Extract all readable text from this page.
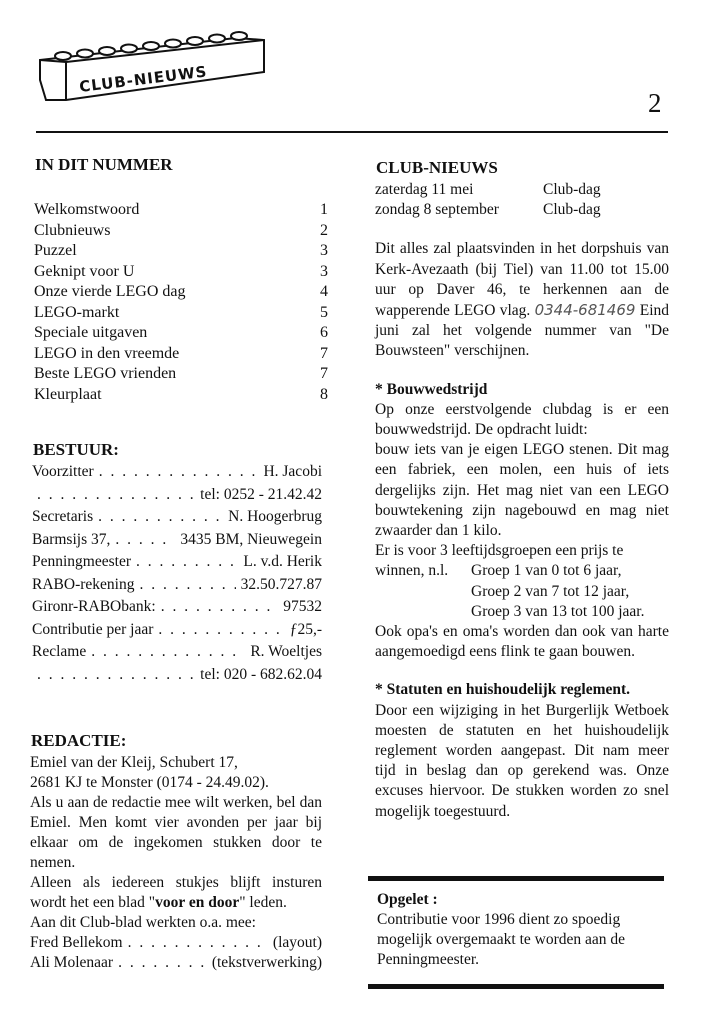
CLUB-NIEUWS
2
IN DIT NUMMER
Welkomstwoord	1
Clubnieuws	2
Puzzel	3
Geknipt voor U	3
Onze vierde LEGO dag	4
LEGO-markt	5
Speciale uitgaven	6
LEGO in den vreemde	7
Beste LEGO vrienden	7
Kleurplaat	8
BESTUUR:
Voorzitter . . .	H. Jacobi
. . .
tel: 0252 - 21.42.42
Secretaris . . .	N. Hoogerbrug
Barmsijs 37, . . .	3435 BM, Nieuwegein
Penningmeester . . .	L. v.d. Herik
RABO-rekening . . .	32.50.727.87
Gironr-RABObank: . . .	97532
Contributie per jaar . . .	ƒ25,-
Reclame . . .	R. Woeltjes
. . .
tel: 020 - 682.62.04
REDACTIE:
Emiel van der Kleij, Schubert 17,
2681 KJ te Monster (0174 - 24.49.02).
Als u aan de redactie mee wilt werken, bel dan Emiel. Men komt vier avonden per jaar bij elkaar om de ingekomen stukken door te nemen.
Alleen als iedereen stukjes blijft insturen wordt het een blad "voor en door" leden.
Aan dit Club-blad werkten o.a. mee:
Fred Bellekom . . .	(layout)
Ali Molenaar . . .	(tekstverwerking)
CLUB-NIEUWS
zaterdag 11 mei	Club-dag
zondag 8 september	Club-dag
Dit alles zal plaatsvinden in het dorpshuis van Kerk-Avezaath (bij Tiel) van 11.00 tot 15.00 uur op Daver 46, te herkennen aan de wapperende LEGO vlag. 0344-681469 Eind juni zal het volgende nummer van "De Bouwsteen" verschijnen.
* Bouwwedstrijd
Op onze eerstvolgende clubdag is er een bouwwedstrijd. De opdracht luidt:
bouw iets van je eigen LEGO stenen. Dit mag een fabriek, een molen, een huis of iets dergelijks zijn. Het mag niet van een LEGO bouwtekening zijn nagebouwd en mag niet zwaarder dan 1 kilo.
Er is voor 3 leeftijdsgroepen een prijs te
winnen, n.l.	Groep 1 van 0 tot 6 jaar,
Groep 2 van 7 tot 12 jaar,
Groep 3 van 13 tot 100 jaar.
Ook opa's en oma's worden dan ook van harte aangemoedigd eens flink te gaan bouwen.
* Statuten en huishoudelijk reglement.
Door een wijziging in het Burgerlijk Wetboek moesten de statuten en het huishoudelijk reglement worden aangepast. Dit nam meer tijd in beslag dan op gerekend was. Onze excuses hiervoor. De stukken worden zo snel mogelijk toegestuurd.
Opgelet :
Contributie voor 1996 dient zo spoedig mogelijk overgemaakt te worden aan de Penningmeester.
